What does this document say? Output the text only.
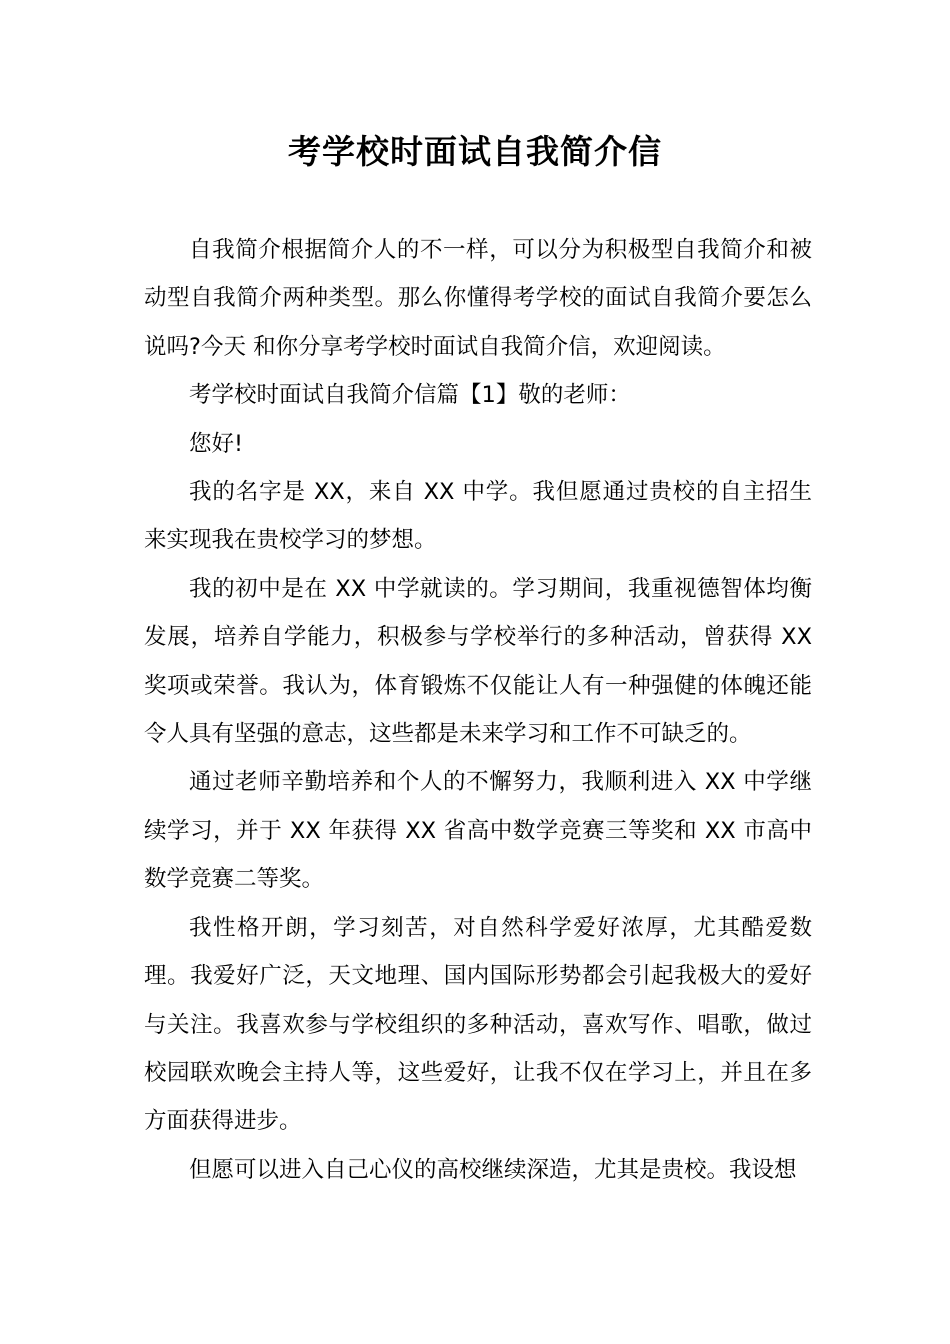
考学校时面试自我简介信

自我简介根据简介人的不一样，可以分为积极型自我简介和被动型自我简介两种类型。那么你懂得考学校的面试自我简介要怎么说吗?今天 和你分享考学校时面试自我简介信，欢迎阅读。

考学校时面试自我简介信篇【1】敬的老师：

您好!

我的名字是 XX，来自 XX 中学。我但愿通过贵校的自主招生来实现我在贵校学习的梦想。

我的初中是在 XX 中学就读的。学习期间，我重视德智体均衡发展，培养自学能力，积极参与学校举行的多种活动，曾获得 XX 奖项或荣誉。我认为，体育锻炼不仅能让人有一种强健的体魄还能令人具有坚强的意志，这些都是未来学习和工作不可缺乏的。

通过老师辛勤培养和个人的不懈努力，我顺利进入 XX 中学继续学习，并于 XX 年获得 XX 省高中数学竞赛三等奖和 XX 市高中数学竞赛二等奖。

我性格开朗，学习刻苦，对自然科学爱好浓厚，尤其酷爱数理。我爱好广泛，天文地理、国内国际形势都会引起我极大的爱好与关注。我喜欢参与学校组织的多种活动，喜欢写作、唱歌，做过校园联欢晚会主持人等，这些爱好，让我不仅在学习上，并且在多方面获得进步。

但愿可以进入自己心仪的高校继续深造，尤其是贵校。我设想
